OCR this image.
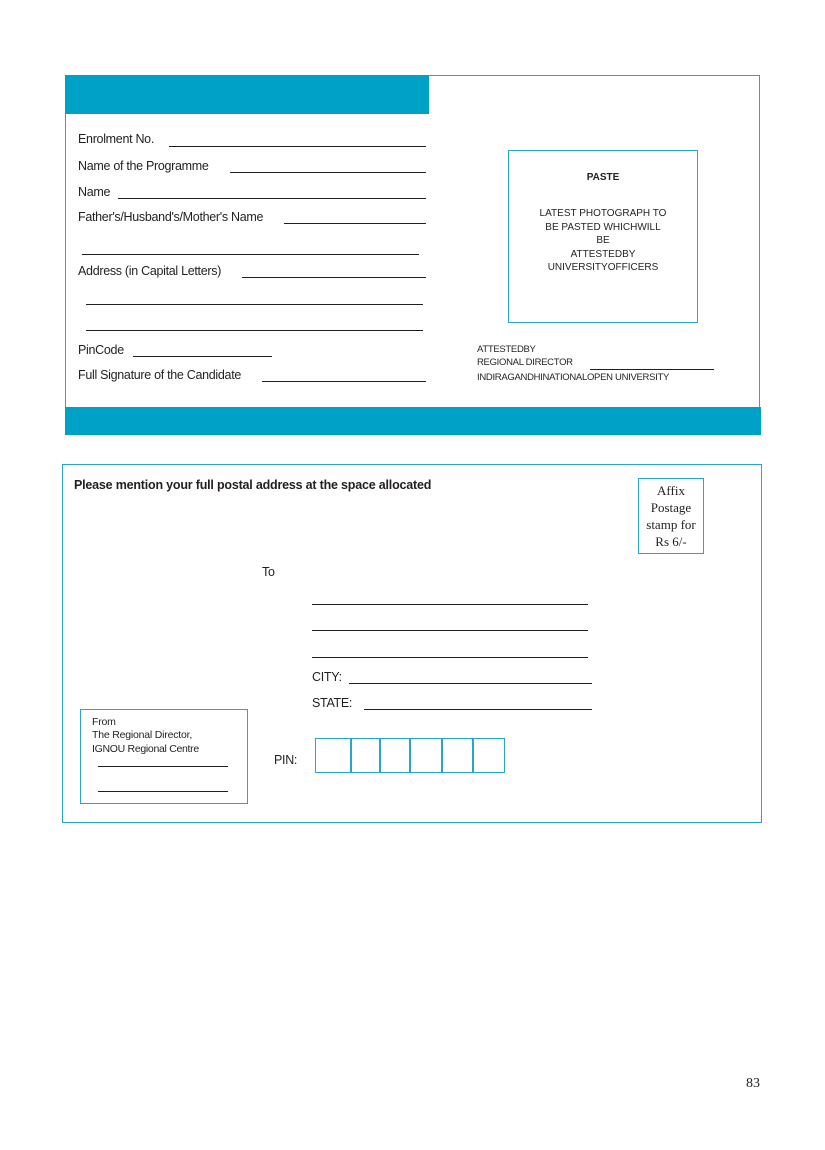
Enrolment No.
Name of the Programme
Name
Father's/Husband's/Mother's Name
Address (in Capital Letters)
PinCode
Full Signature of the Candidate
PASTE
LATEST PHOTOGRAPH TO
BE PASTED WHICHWILL
BE
ATTESTEDBY
UNIVERSITYOFFICERS
ATTESTEDBY
REGIONAL DIRECTOR
INDIRAGANDHINATIONALOPEN UNIVERSITY
Please mention your full postal address at the space allocated	Affix
Postage
stamp for
Rs 6/-
To
CITY:
STATE:
PIN:
From
The Regional Director,
IGNOU Regional Centre
83
